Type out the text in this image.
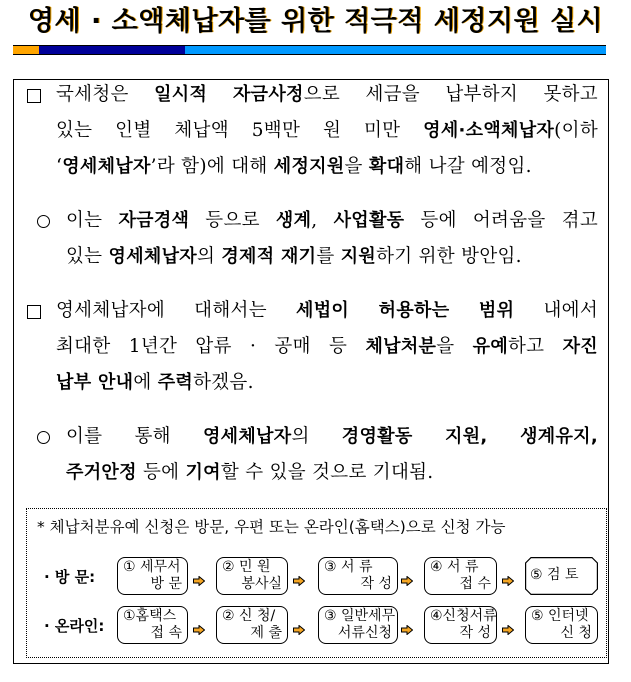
영세 · 소액체납자를 위한 적극적 세정지원 실시
국세청은 일시적 자금사정으로 세금을 납부하지 못하고
있는 인별 체납액 5백만 원 미만 영세·소액체납자(이하
‘영세체납자’라 함)에 대해 세정지원을 확대해 나갈 예정임.
이는 자금경색 등으로 생계, 사업활동 등에 어려움을 겪고
있는 영세체납자의 경제적 재기를 지원하기 위한 방안임.
영세체납자에 대해서는 세법이 허용하는 범위 내에서
최대한 1년간 압류 · 공매 등 체납처분을 유예하고 자진
납부 안내에 주력하겠음.
이를 통해 영세체납자의 경영활동 지원, 생계유지,
주거안정 등에 기여할 수 있을 것으로 기대됨.
* 체납처분유예 신청은 방문, 우편 또는 온라인(홈택스)으로 신청 가능
· 방 문:
· 온라인:
① 세무서
방 문
② 민 원
봉사실
③ 서 류
작 성
④ 서 류
접 수
⑤ 검 토
①홈택스
접 속
② 신 청/
제 출
③ 일반세무
서류신청
④신청서류
작 성
⑤ 인터넷
신 청
